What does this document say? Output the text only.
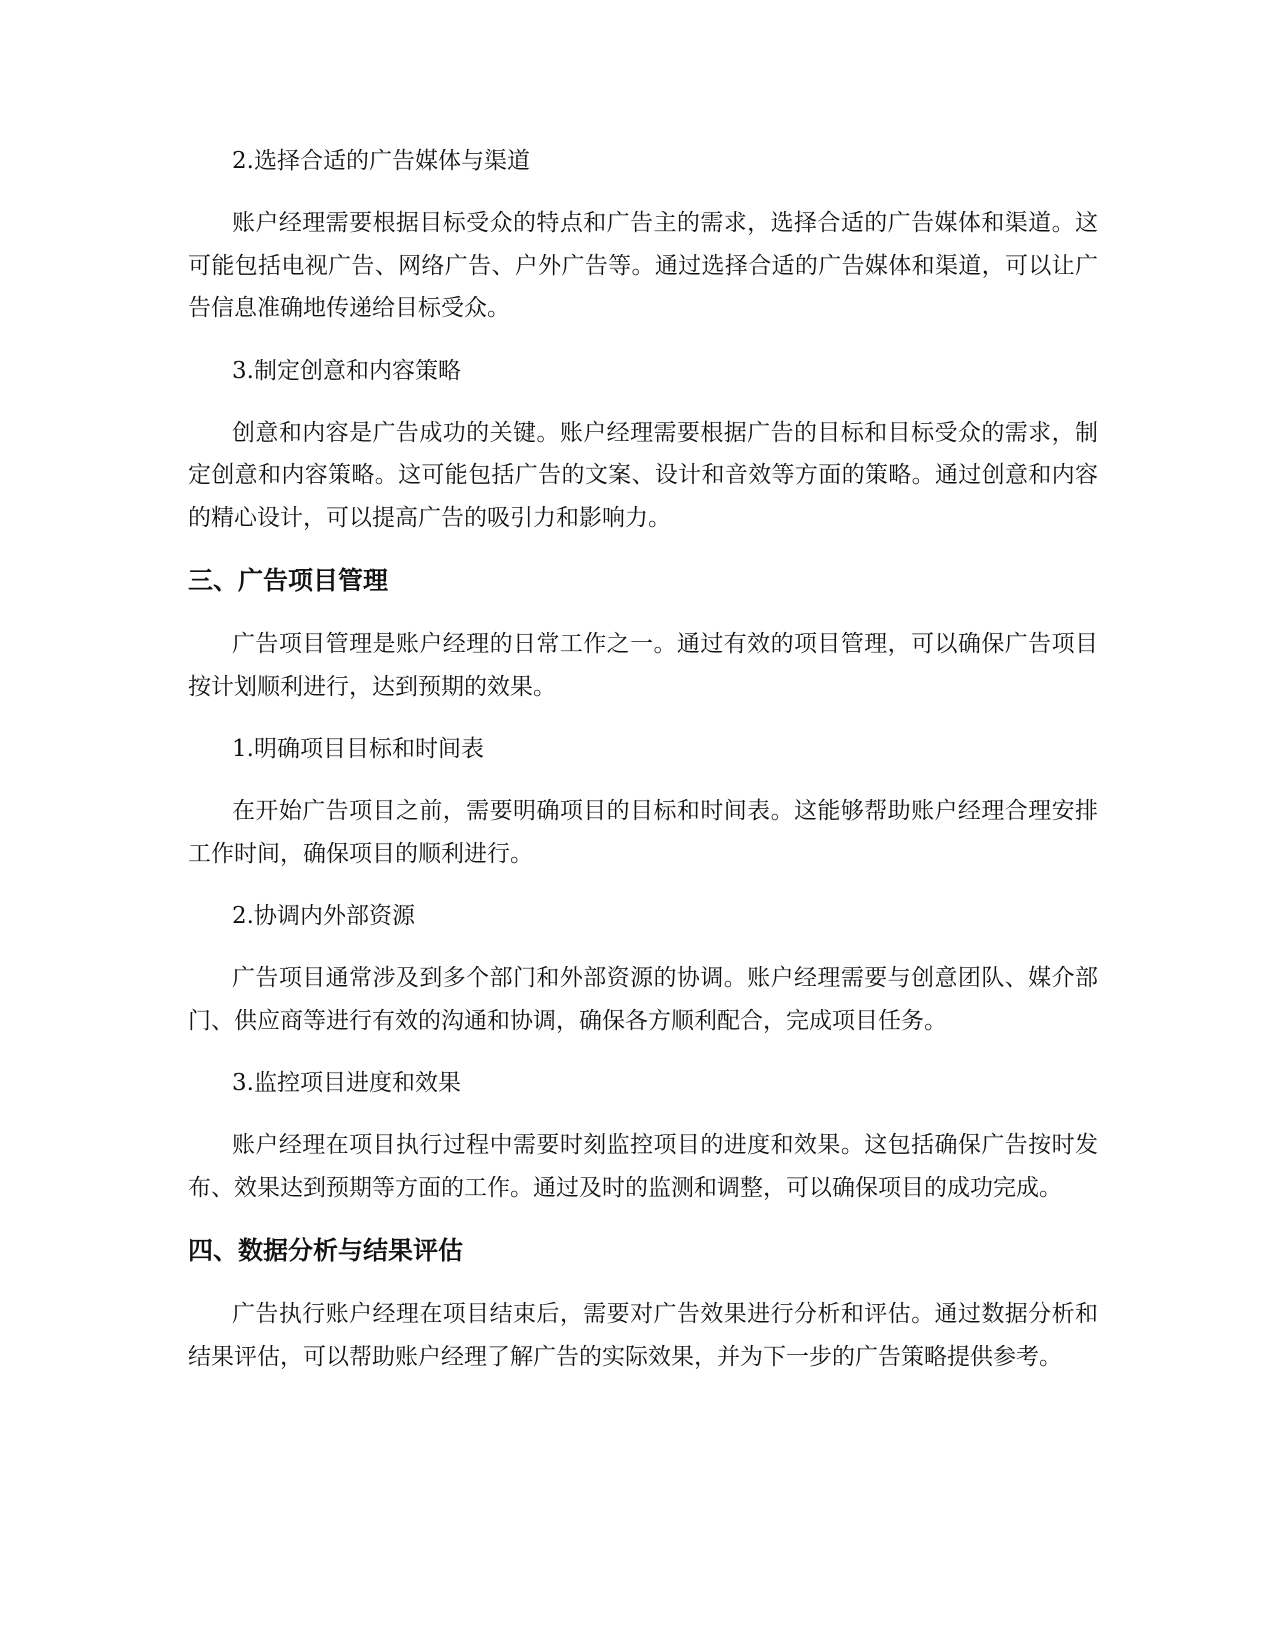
2.选择合适的广告媒体与渠道
账户经理需要根据目标受众的特点和广告主的需求，选择合适的广告媒体和渠道。这可能包括电视广告、网络广告、户外广告等。通过选择合适的广告媒体和渠道，可以让广告信息准确地传递给目标受众。
3.制定创意和内容策略
创意和内容是广告成功的关键。账户经理需要根据广告的目标和目标受众的需求，制定创意和内容策略。这可能包括广告的文案、设计和音效等方面的策略。通过创意和内容的精心设计，可以提高广告的吸引力和影响力。
三、广告项目管理
广告项目管理是账户经理的日常工作之一。通过有效的项目管理，可以确保广告项目按计划顺利进行，达到预期的效果。
1.明确项目目标和时间表
在开始广告项目之前，需要明确项目的目标和时间表。这能够帮助账户经理合理安排工作时间，确保项目的顺利进行。
2.协调内外部资源
广告项目通常涉及到多个部门和外部资源的协调。账户经理需要与创意团队、媒介部门、供应商等进行有效的沟通和协调，确保各方顺利配合，完成项目任务。
3.监控项目进度和效果
账户经理在项目执行过程中需要时刻监控项目的进度和效果。这包括确保广告按时发布、效果达到预期等方面的工作。通过及时的监测和调整，可以确保项目的成功完成。
四、数据分析与结果评估
广告执行账户经理在项目结束后，需要对广告效果进行分析和评估。通过数据分析和结果评估，可以帮助账户经理了解广告的实际效果，并为下一步的广告策略提供参考。
